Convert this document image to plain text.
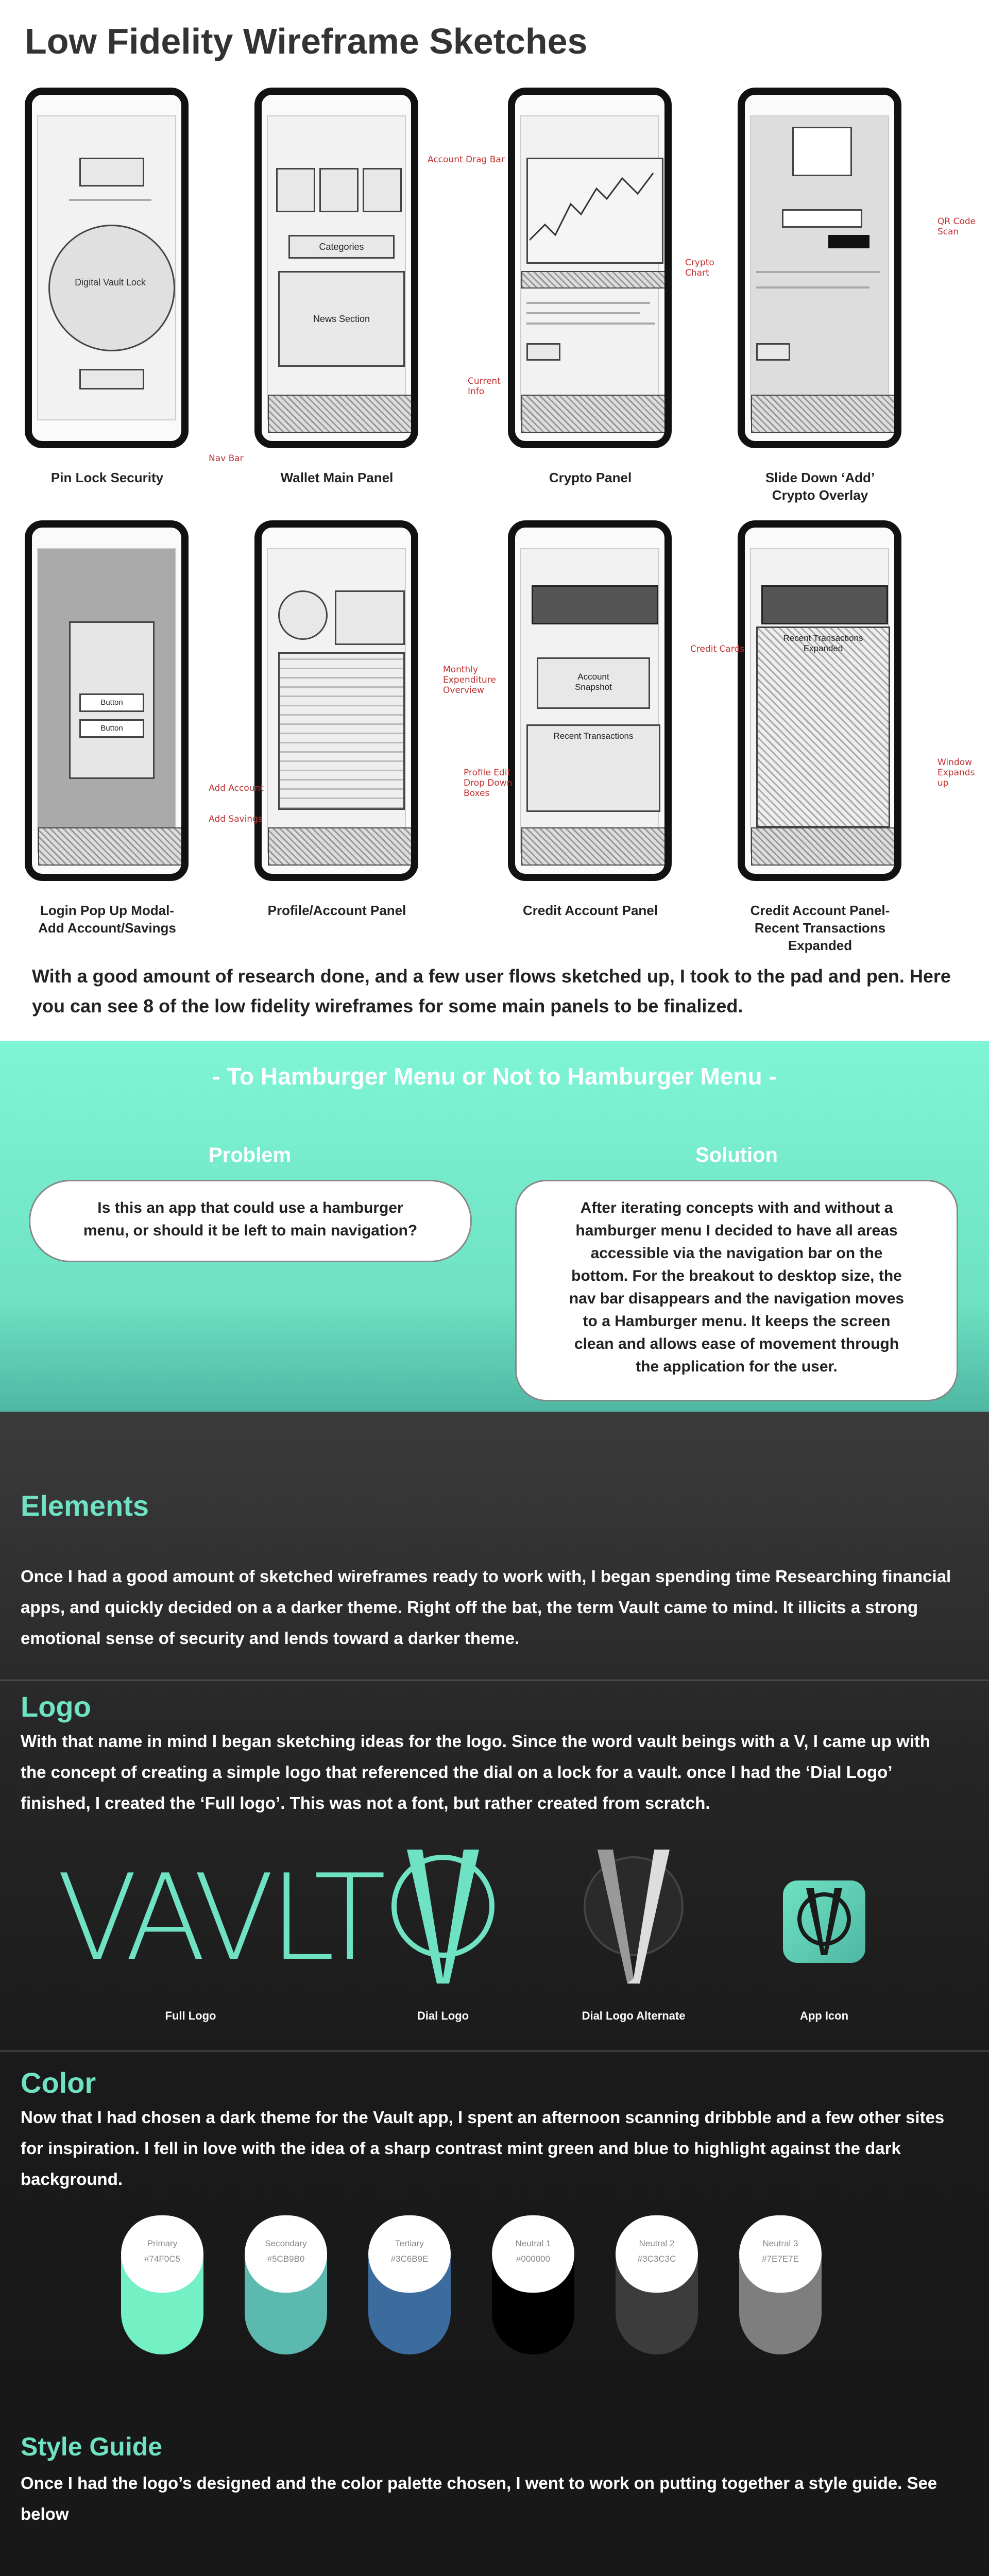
Low Fidelity Wireframe Sketches
Digital Vault Lock
Categories
News Section
Nav Bar
Account Drag Bar
Crypto Chart
Current Info
QR Code Scan
Pin Lock Security	Wallet Main Panel	Crypto Panel	Slide Down ‘Add’
Crypto Overlay
Button
Button
Account
Snapshot
Recent Transactions
Recent Transactions
Expanded
Add Account
Add Savings
Monthly Expenditure Overview
Profile Edit Drop Down Boxes
Credit Cards
Window Expands up
Login Pop Up Modal-
Add Account/Savings
Profile/Account Panel	Credit Account Panel	Credit Account Panel-
Recent Transactions
Expanded
With a good amount of research done, and a few user flows sketched up, I took to the pad and pen. Here you can see 8 of the low fidelity wireframes for some main panels to be finalized.
- To Hamburger Menu or Not to Hamburger Menu -
Problem	Solution
Is this an app that could use a hamburger menu, or should it be left to main navigation?
After iterating concepts with and without a hamburger menu I decided to have all areas accessible via the navigation bar on the bottom. For the breakout to desktop size, the nav bar disappears and the navigation moves to a Hamburger menu. It keeps the screen clean and allows ease of movement through the application for the user.
Elements
Once I had a good amount of sketched wireframes ready to work with, I began spending time Researching financial apps, and quickly decided on a a darker theme. Right off the bat, the term Vault came to mind. It illicits a strong emotional sense of security and lends toward a darker theme.
Logo
With that name in mind I began sketching ideas for the logo. Since the word vault beings with a V, I came up with the concept of creating a simple logo that referenced the dial on a lock for a vault. once I had the ‘Dial Logo’ finished, I created the ‘Full logo’. This was not a font, but rather created from scratch.
VAVLT
Full Logo	Dial Logo	Dial Logo Alternate	App Icon
Color
Now that I had chosen a dark theme for the Vault app, I spent an afternoon scanning dribbble and a few other sites for inspiration. I fell in love with the idea of a sharp contrast mint green and blue to highlight against the dark background.
Primary
#74F0C5
Secondary
#5CB9B0
Tertiary
#3C6B9E
Neutral 1
#000000
Neutral 2
#3C3C3C
Neutral 3
#7E7E7E
Style Guide
Once I had the logo’s designed and the color palette chosen, I went to work on putting together a style guide. See below
